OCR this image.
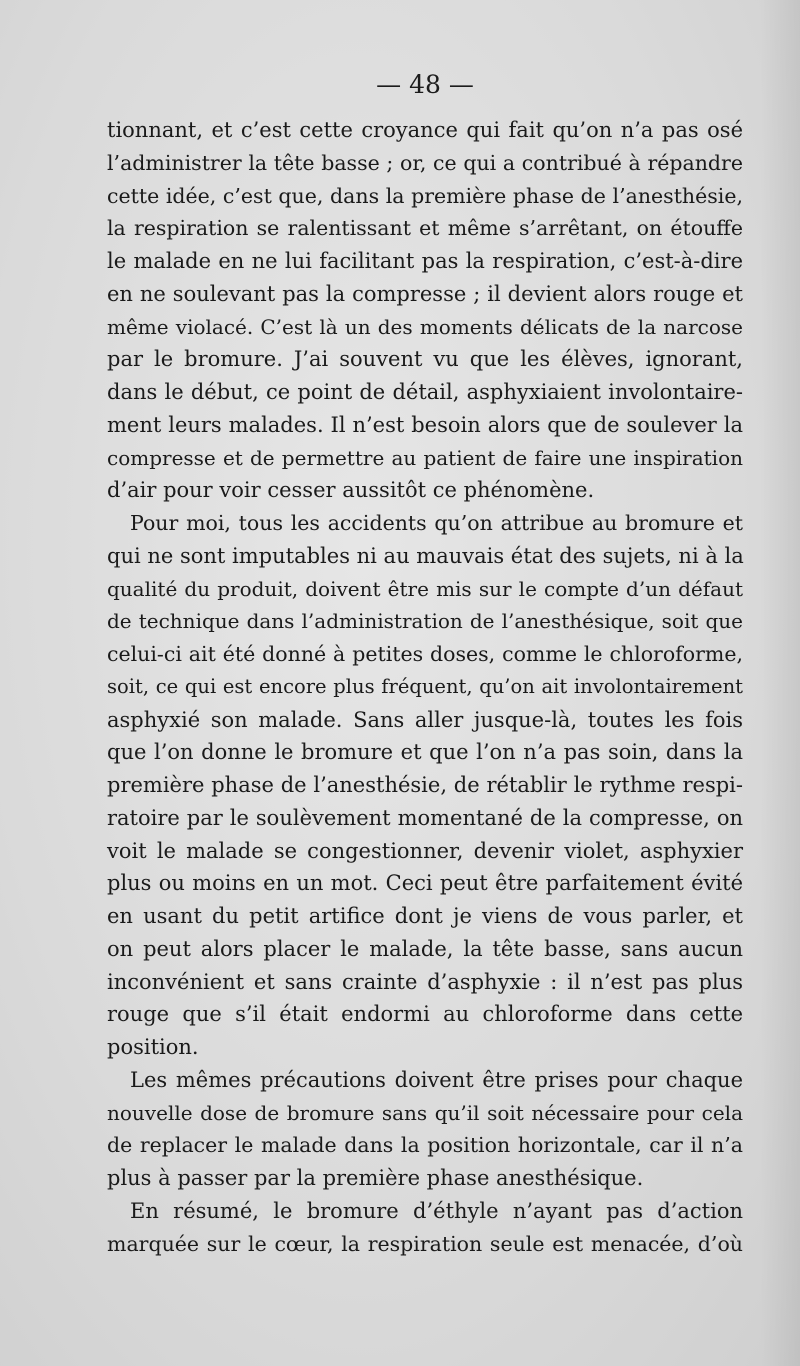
— 48 —
tionnant, et c’est cette croyance qui fait qu’on n’a pas osé
l’administrer la tête basse ; or, ce qui a contribué à répandre
cette idée, c’est que, dans la première phase de l’anesthésie,
la respiration se ralentissant et même s’arrêtant, on étouffe
le malade en ne lui facilitant pas la respiration, c’est-à-dire
en ne soulevant pas la compresse ; il devient alors rouge et
même violacé. C’est là un des moments délicats de la narcose
par le bromure. J’ai souvent vu que les élèves, ignorant,
dans le début, ce point de détail, asphyxiaient involontaire-
ment leurs malades. Il n’est besoin alors que de soulever la
compresse et de permettre au patient de faire une inspiration
d’air pour voir cesser aussitôt ce phénomène.
Pour moi, tous les accidents qu’on attribue au bromure et
qui ne sont imputables ni au mauvais état des sujets, ni à la
qualité du produit, doivent être mis sur le compte d’un défaut
de technique dans l’administration de l’anesthésique, soit que
celui-ci ait été donné à petites doses, comme le chloroforme,
soit, ce qui est encore plus fréquent, qu’on ait involontairement
asphyxié son malade. Sans aller jusque-là, toutes les fois
que l’on donne le bromure et que l’on n’a pas soin, dans la
première phase de l’anesthésie, de rétablir le rythme respi-
ratoire par le soulèvement momentané de la compresse, on
voit le malade se congestionner, devenir violet, asphyxier
plus ou moins en un mot. Ceci peut être parfaitement évité
en usant du petit artifice dont je viens de vous parler, et
on peut alors placer le malade, la tête basse, sans aucun
inconvénient et sans crainte d’asphyxie : il n’est pas plus
rouge que s’il était endormi au chloroforme dans cette
position.
Les mêmes précautions doivent être prises pour chaque
nouvelle dose de bromure sans qu’il soit nécessaire pour cela
de replacer le malade dans la position horizontale, car il n’a
plus à passer par la première phase anesthésique.
En résumé, le bromure d’éthyle n’ayant pas d’action
marquée sur le cœur, la respiration seule est menacée, d’où
